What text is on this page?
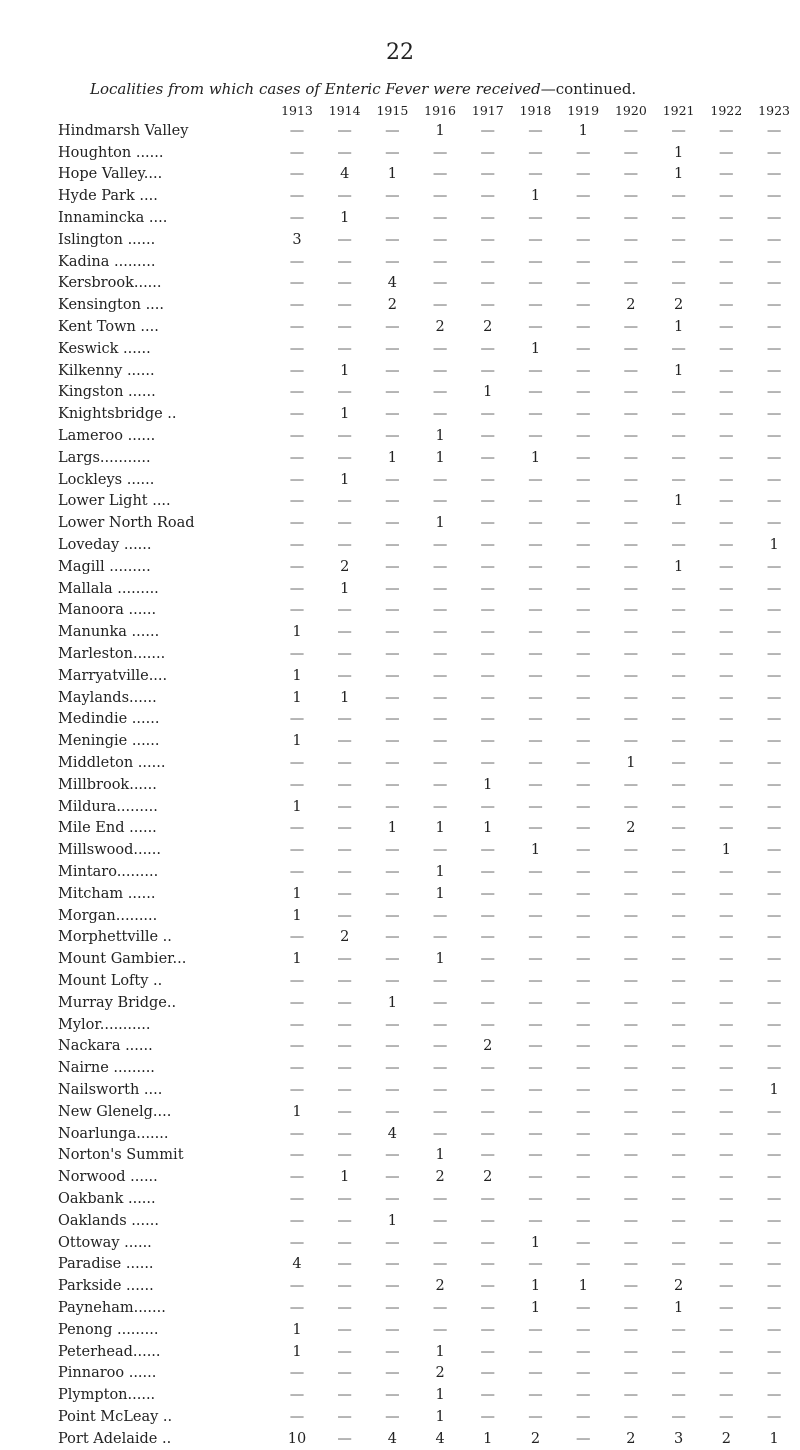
22
Localities from which cases of Enteric Fever were received—continued.
	1913	1914	1915	1916	1917	1918	1919	1920	1921	1922	1923
Hindmarsh Valley	—	—	—	1	—	—	1	—	—	—	—
Houghton ......	—	—	—	—	—	—	—	—	1	—	—
Hope Valley....	—	4	1	—	—	—	—	—	1	—	—
Hyde Park ....	—	—	—	—	—	1	—	—	—	—	—
Innamincka ....	—	1	—	—	—	—	—	—	—	—	—
Islington ......	3	—	—	—	—	—	—	—	—	—	—
Kadina .........	—	—	—	—	—	—	—	—	—	—	—
Kersbrook......	—	—	4	—	—	—	—	—	—	—	—
Kensington ....	—	—	2	—	—	—	—	2	2	—	—
Kent Town ....	—	—	—	2	2	—	—	—	1	—	—
Keswick ......	—	—	—	—	—	1	—	—	—	—	—
Kilkenny ......	—	1	—	—	—	—	—	—	1	—	—
Kingston ......	—	—	—	—	1	—	—	—	—	—	—
Knightsbridge ..	—	1	—	—	—	—	—	—	—	—	—
Lameroo ......	—	—	—	1	—	—	—	—	—	—	—
Largs...........	—	—	1	1	—	1	—	—	—	—	—
Lockleys ......	—	1	—	—	—	—	—	—	—	—	—
Lower Light ....	—	—	—	—	—	—	—	—	1	—	—
Lower North Road	—	—	—	1	—	—	—	—	—	—	—
Loveday ......	—	—	—	—	—	—	—	—	—	—	1
Magill .........	—	2	—	—	—	—	—	—	1	—	—
Mallala .........	—	1	—	—	—	—	—	—	—	—	—
Manoora ......	—	—	—	—	—	—	—	—	—	—	—
Manunka ......	1	—	—	—	—	—	—	—	—	—	—
Marleston.......	—	—	—	—	—	—	—	—	—	—	—
Marryatville....	1	—	—	—	—	—	—	—	—	—	—
Maylands......	1	1	—	—	—	—	—	—	—	—	—
Medindie ......	—	—	—	—	—	—	—	—	—	—	—
Meningie ......	1	—	—	—	—	—	—	—	—	—	—
Middleton ......	—	—	—	—	—	—	—	1	—	—	—
Millbrook......	—	—	—	—	1	—	—	—	—	—	—
Mildura.........	1	—	—	—	—	—	—	—	—	—	—
Mile End ......	—	—	1	1	1	—	—	2	—	—	—
Millswood......	—	—	—	—	—	1	—	—	—	1	—
Mintaro.........	—	—	—	1	—	—	—	—	—	—	—
Mitcham ......	1	—	—	1	—	—	—	—	—	—	—
Morgan.........	1	—	—	—	—	—	—	—	—	—	—
Morphettville ..	—	2	—	—	—	—	—	—	—	—	—
Mount Gambier...	1	—	—	1	—	—	—	—	—	—	—
Mount Lofty ..	—	—	—	—	—	—	—	—	—	—	—
Murray Bridge..	—	—	1	—	—	—	—	—	—	—	—
Mylor...........	—	—	—	—	—	—	—	—	—	—	—
Nackara ......	—	—	—	—	2	—	—	—	—	—	—
Nairne .........	—	—	—	—	—	—	—	—	—	—	—
Nailsworth ....	—	—	—	—	—	—	—	—	—	—	1
New Glenelg....	1	—	—	—	—	—	—	—	—	—	—
Noarlunga.......	—	—	4	—	—	—	—	—	—	—	—
Norton's Summit	—	—	—	1	—	—	—	—	—	—	—
Norwood ......	—	1	—	2	2	—	—	—	—	—	—
Oakbank ......	—	—	—	—	—	—	—	—	—	—	—
Oaklands ......	—	—	1	—	—	—	—	—	—	—	—
Ottoway ......	—	—	—	—	—	1	—	—	—	—	—
Paradise ......	4	—	—	—	—	—	—	—	—	—	—
Parkside ......	—	—	—	2	—	1	1	—	2	—	—
Payneham.......	—	—	—	—	—	1	—	—	1	—	—
Penong .........	1	—	—	—	—	—	—	—	—	—	—
Peterhead......	1	—	—	1	—	—	—	—	—	—	—
Pinnaroo ......	—	—	—	2	—	—	—	—	—	—	—
Plympton......	—	—	—	1	—	—	—	—	—	—	—
Point McLeay ..	—	—	—	1	—	—	—	—	—	—	—
Port Adelaide ..	10	—	4	4	1	2	—	2	3	2	1
